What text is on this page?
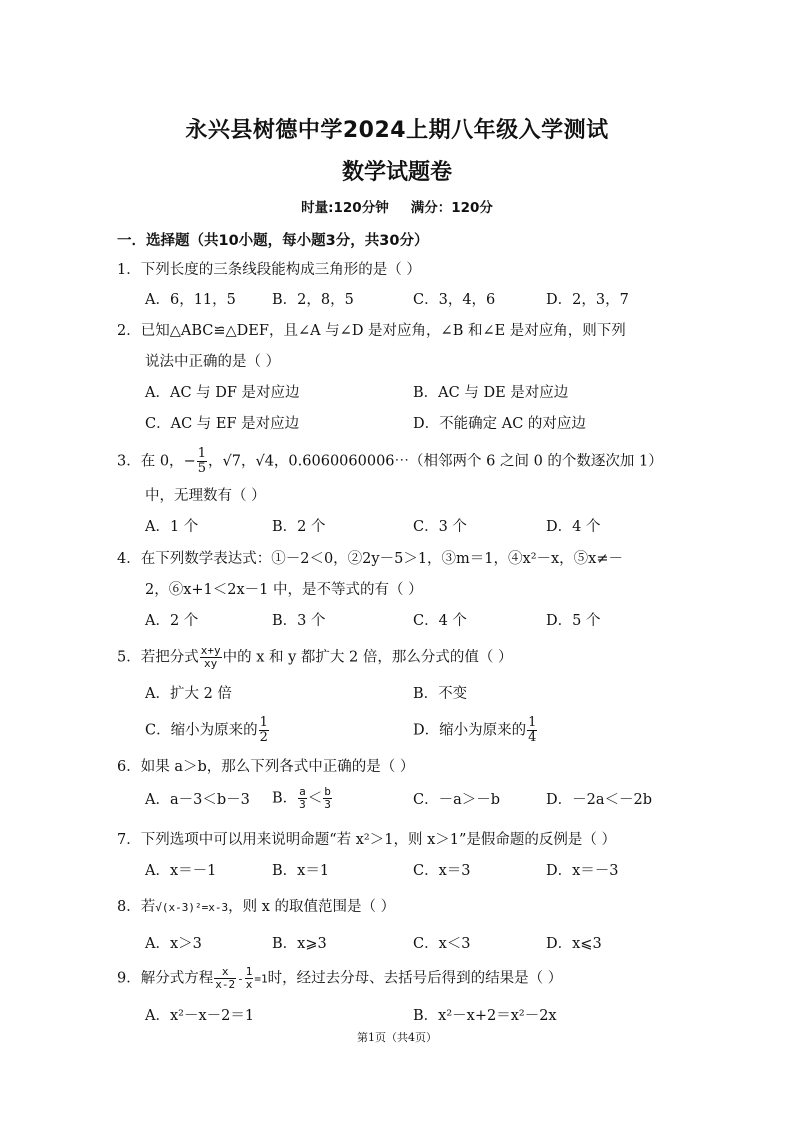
永兴县树德中学2024上期八年级入学测试
数学试题卷
时量:120分钟 满分：120分
一．选择题（共10小题，每小题3分，共30分）
1．下列长度的三条线段能构成三角形的是（ ）
A．6，11，5 B．2，8，5	C．3，4，6	D．2，3，7
2．已知△ABC≌△DEF，且∠A 与∠D 是对应角，∠B 和∠E 是对应角，则下列
说法中正确的是（ ）
A．AC 与 DF 是对应边	B．AC 与 DE 是对应边
C．AC 与 EF 是对应边	D．不能确定 AC 的对应边
3．在 0，− $\frac{1}{5}$ ，√7，√4，0.6060060006⋯（相邻两个 6 之间 0 的个数逐次加 1）
中，无理数有（ ）
A．1 个	B．2 个	C．3 个	D．4 个
4．在下列数学表达式：①－2＜0，②2y－5＞1，③m＝1，④x²－x，⑤x≠－
2，⑥x+1＜2x－1 中，是不等式的有（ ）
A．2 个	B．3 个	C．4 个	D．5 个
5．若把分式 $\frac{x+y}{xy}$ 中的 x 和 y 都扩大 2 倍，那么分式的值（ ）
A．扩大 2 倍	B．不变
C．缩小为原来的 $\frac{1}{2}$	D．缩小为原来的 $\frac{1}{4}$
6．如果 a＞b，那么下列各式中正确的是（ ）
A．a－3＜b－3 B． $\frac{a}{3} < \frac{b}{3}$	C．－a＞－b	D．－2a＜－2b
7．下列选项中可以用来说明命题“若 x²＞1，则 x＞1”是假命题的反例是（ ）
A．x＝－1	B．x＝1	C．x＝3	D．x＝－3
8．若√(x-3)²=x-3，则 x 的取值范围是（ ）
A．x＞3	B．x⩾3	C．x＜3	D．x⩽3
9．解分式方程 $\frac{x}{x-2} - \frac{1}{x} =1$时，经过去分母、去括号后得到的结果是（ ）
A．x²－x－2＝1	B．x²－x+2＝x²－2x
第1页（共4页）
